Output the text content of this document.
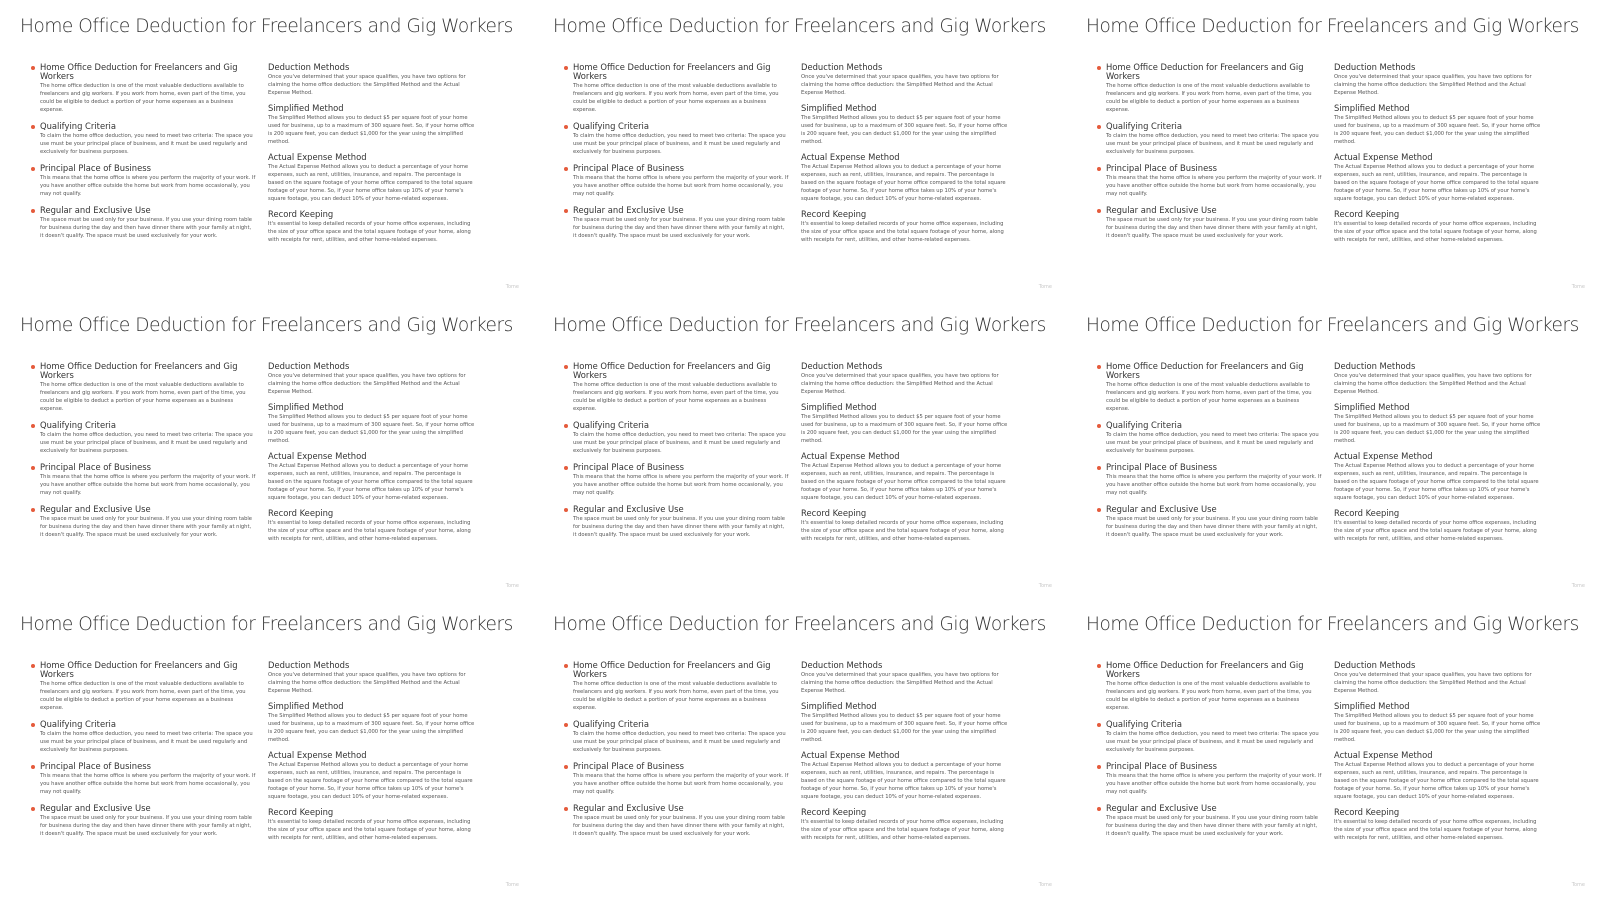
Home Office Deduction for Freelancers and Gig Workers
Home Office Deduction for Freelancers and Gig Workers
The home office deduction is one of the most valuable deductions available to freelancers and gig workers. If you work from home, even part of the time, you could be eligible to deduct a portion of your home expenses as a business expense.
Qualifying Criteria
To claim the home office deduction, you need to meet two criteria: The space you use must be your principal place of business, and it must be used regularly and exclusively for business purposes.
Principal Place of Business
This means that the home office is where you perform the majority of your work. If you have another office outside the home but work from home occasionally, you may not qualify.
Regular and Exclusive Use
The space must be used only for your business. If you use your dining room table for business during the day and then have dinner there with your family at night, it doesn't qualify. The space must be used exclusively for your work.
Deduction Methods
Once you've determined that your space qualifies, you have two options for claiming the home office deduction: the Simplified Method and the Actual Expense Method.
Simplified Method
The Simplified Method allows you to deduct $5 per square foot of your home used for business, up to a maximum of 300 square feet. So, if your home office is 200 square feet, you can deduct $1,000 for the year using the simplified method.
Actual Expense Method
The Actual Expense Method allows you to deduct a percentage of your home expenses, such as rent, utilities, insurance, and repairs. The percentage is based on the square footage of your home office compared to the total square footage of your home. So, if your home office takes up 10% of your home's square footage, you can deduct 10% of your home-related expenses.
Record Keeping
It's essential to keep detailed records of your home office expenses, including the size of your office space and the total square footage of your home, along with receipts for rent, utilities, and other home-related expenses.
Tome
Home Office Deduction for Freelancers and Gig Workers
Home Office Deduction for Freelancers and Gig Workers
The home office deduction is one of the most valuable deductions available to freelancers and gig workers. If you work from home, even part of the time, you could be eligible to deduct a portion of your home expenses as a business expense.
Qualifying Criteria
To claim the home office deduction, you need to meet two criteria: The space you use must be your principal place of business, and it must be used regularly and exclusively for business purposes.
Principal Place of Business
This means that the home office is where you perform the majority of your work. If you have another office outside the home but work from home occasionally, you may not qualify.
Regular and Exclusive Use
The space must be used only for your business. If you use your dining room table for business during the day and then have dinner there with your family at night, it doesn't qualify. The space must be used exclusively for your work.
Deduction Methods
Once you've determined that your space qualifies, you have two options for claiming the home office deduction: the Simplified Method and the Actual Expense Method.
Simplified Method
The Simplified Method allows you to deduct $5 per square foot of your home used for business, up to a maximum of 300 square feet. So, if your home office is 200 square feet, you can deduct $1,000 for the year using the simplified method.
Actual Expense Method
The Actual Expense Method allows you to deduct a percentage of your home expenses, such as rent, utilities, insurance, and repairs. The percentage is based on the square footage of your home office compared to the total square footage of your home. So, if your home office takes up 10% of your home's square footage, you can deduct 10% of your home-related expenses.
Record Keeping
It's essential to keep detailed records of your home office expenses, including the size of your office space and the total square footage of your home, along with receipts for rent, utilities, and other home-related expenses.
Tome
Home Office Deduction for Freelancers and Gig Workers
Home Office Deduction for Freelancers and Gig Workers
The home office deduction is one of the most valuable deductions available to freelancers and gig workers. If you work from home, even part of the time, you could be eligible to deduct a portion of your home expenses as a business expense.
Qualifying Criteria
To claim the home office deduction, you need to meet two criteria: The space you use must be your principal place of business, and it must be used regularly and exclusively for business purposes.
Principal Place of Business
This means that the home office is where you perform the majority of your work. If you have another office outside the home but work from home occasionally, you may not qualify.
Regular and Exclusive Use
The space must be used only for your business. If you use your dining room table for business during the day and then have dinner there with your family at night, it doesn't qualify. The space must be used exclusively for your work.
Deduction Methods
Once you've determined that your space qualifies, you have two options for claiming the home office deduction: the Simplified Method and the Actual Expense Method.
Simplified Method
The Simplified Method allows you to deduct $5 per square foot of your home used for business, up to a maximum of 300 square feet. So, if your home office is 200 square feet, you can deduct $1,000 for the year using the simplified method.
Actual Expense Method
The Actual Expense Method allows you to deduct a percentage of your home expenses, such as rent, utilities, insurance, and repairs. The percentage is based on the square footage of your home office compared to the total square footage of your home. So, if your home office takes up 10% of your home's square footage, you can deduct 10% of your home-related expenses.
Record Keeping
It's essential to keep detailed records of your home office expenses, including the size of your office space and the total square footage of your home, along with receipts for rent, utilities, and other home-related expenses.
Tome
Home Office Deduction for Freelancers and Gig Workers
Home Office Deduction for Freelancers and Gig Workers
The home office deduction is one of the most valuable deductions available to freelancers and gig workers. If you work from home, even part of the time, you could be eligible to deduct a portion of your home expenses as a business expense.
Qualifying Criteria
To claim the home office deduction, you need to meet two criteria: The space you use must be your principal place of business, and it must be used regularly and exclusively for business purposes.
Principal Place of Business
This means that the home office is where you perform the majority of your work. If you have another office outside the home but work from home occasionally, you may not qualify.
Regular and Exclusive Use
The space must be used only for your business. If you use your dining room table for business during the day and then have dinner there with your family at night, it doesn't qualify. The space must be used exclusively for your work.
Deduction Methods
Once you've determined that your space qualifies, you have two options for claiming the home office deduction: the Simplified Method and the Actual Expense Method.
Simplified Method
The Simplified Method allows you to deduct $5 per square foot of your home used for business, up to a maximum of 300 square feet. So, if your home office is 200 square feet, you can deduct $1,000 for the year using the simplified method.
Actual Expense Method
The Actual Expense Method allows you to deduct a percentage of your home expenses, such as rent, utilities, insurance, and repairs. The percentage is based on the square footage of your home office compared to the total square footage of your home. So, if your home office takes up 10% of your home's square footage, you can deduct 10% of your home-related expenses.
Record Keeping
It's essential to keep detailed records of your home office expenses, including the size of your office space and the total square footage of your home, along with receipts for rent, utilities, and other home-related expenses.
Tome
Home Office Deduction for Freelancers and Gig Workers
Home Office Deduction for Freelancers and Gig Workers
The home office deduction is one of the most valuable deductions available to freelancers and gig workers. If you work from home, even part of the time, you could be eligible to deduct a portion of your home expenses as a business expense.
Qualifying Criteria
To claim the home office deduction, you need to meet two criteria: The space you use must be your principal place of business, and it must be used regularly and exclusively for business purposes.
Principal Place of Business
This means that the home office is where you perform the majority of your work. If you have another office outside the home but work from home occasionally, you may not qualify.
Regular and Exclusive Use
The space must be used only for your business. If you use your dining room table for business during the day and then have dinner there with your family at night, it doesn't qualify. The space must be used exclusively for your work.
Deduction Methods
Once you've determined that your space qualifies, you have two options for claiming the home office deduction: the Simplified Method and the Actual Expense Method.
Simplified Method
The Simplified Method allows you to deduct $5 per square foot of your home used for business, up to a maximum of 300 square feet. So, if your home office is 200 square feet, you can deduct $1,000 for the year using the simplified method.
Actual Expense Method
The Actual Expense Method allows you to deduct a percentage of your home expenses, such as rent, utilities, insurance, and repairs. The percentage is based on the square footage of your home office compared to the total square footage of your home. So, if your home office takes up 10% of your home's square footage, you can deduct 10% of your home-related expenses.
Record Keeping
It's essential to keep detailed records of your home office expenses, including the size of your office space and the total square footage of your home, along with receipts for rent, utilities, and other home-related expenses.
Tome
Home Office Deduction for Freelancers and Gig Workers
Home Office Deduction for Freelancers and Gig Workers
The home office deduction is one of the most valuable deductions available to freelancers and gig workers. If you work from home, even part of the time, you could be eligible to deduct a portion of your home expenses as a business expense.
Qualifying Criteria
To claim the home office deduction, you need to meet two criteria: The space you use must be your principal place of business, and it must be used regularly and exclusively for business purposes.
Principal Place of Business
This means that the home office is where you perform the majority of your work. If you have another office outside the home but work from home occasionally, you may not qualify.
Regular and Exclusive Use
The space must be used only for your business. If you use your dining room table for business during the day and then have dinner there with your family at night, it doesn't qualify. The space must be used exclusively for your work.
Deduction Methods
Once you've determined that your space qualifies, you have two options for claiming the home office deduction: the Simplified Method and the Actual Expense Method.
Simplified Method
The Simplified Method allows you to deduct $5 per square foot of your home used for business, up to a maximum of 300 square feet. So, if your home office is 200 square feet, you can deduct $1,000 for the year using the simplified method.
Actual Expense Method
The Actual Expense Method allows you to deduct a percentage of your home expenses, such as rent, utilities, insurance, and repairs. The percentage is based on the square footage of your home office compared to the total square footage of your home. So, if your home office takes up 10% of your home's square footage, you can deduct 10% of your home-related expenses.
Record Keeping
It's essential to keep detailed records of your home office expenses, including the size of your office space and the total square footage of your home, along with receipts for rent, utilities, and other home-related expenses.
Tome
Home Office Deduction for Freelancers and Gig Workers
Home Office Deduction for Freelancers and Gig Workers
The home office deduction is one of the most valuable deductions available to freelancers and gig workers. If you work from home, even part of the time, you could be eligible to deduct a portion of your home expenses as a business expense.
Qualifying Criteria
To claim the home office deduction, you need to meet two criteria: The space you use must be your principal place of business, and it must be used regularly and exclusively for business purposes.
Principal Place of Business
This means that the home office is where you perform the majority of your work. If you have another office outside the home but work from home occasionally, you may not qualify.
Regular and Exclusive Use
The space must be used only for your business. If you use your dining room table for business during the day and then have dinner there with your family at night, it doesn't qualify. The space must be used exclusively for your work.
Deduction Methods
Once you've determined that your space qualifies, you have two options for claiming the home office deduction: the Simplified Method and the Actual Expense Method.
Simplified Method
The Simplified Method allows you to deduct $5 per square foot of your home used for business, up to a maximum of 300 square feet. So, if your home office is 200 square feet, you can deduct $1,000 for the year using the simplified method.
Actual Expense Method
The Actual Expense Method allows you to deduct a percentage of your home expenses, such as rent, utilities, insurance, and repairs. The percentage is based on the square footage of your home office compared to the total square footage of your home. So, if your home office takes up 10% of your home's square footage, you can deduct 10% of your home-related expenses.
Record Keeping
It's essential to keep detailed records of your home office expenses, including the size of your office space and the total square footage of your home, along with receipts for rent, utilities, and other home-related expenses.
Tome
Home Office Deduction for Freelancers and Gig Workers
Home Office Deduction for Freelancers and Gig Workers
The home office deduction is one of the most valuable deductions available to freelancers and gig workers. If you work from home, even part of the time, you could be eligible to deduct a portion of your home expenses as a business expense.
Qualifying Criteria
To claim the home office deduction, you need to meet two criteria: The space you use must be your principal place of business, and it must be used regularly and exclusively for business purposes.
Principal Place of Business
This means that the home office is where you perform the majority of your work. If you have another office outside the home but work from home occasionally, you may not qualify.
Regular and Exclusive Use
The space must be used only for your business. If you use your dining room table for business during the day and then have dinner there with your family at night, it doesn't qualify. The space must be used exclusively for your work.
Deduction Methods
Once you've determined that your space qualifies, you have two options for claiming the home office deduction: the Simplified Method and the Actual Expense Method.
Simplified Method
The Simplified Method allows you to deduct $5 per square foot of your home used for business, up to a maximum of 300 square feet. So, if your home office is 200 square feet, you can deduct $1,000 for the year using the simplified method.
Actual Expense Method
The Actual Expense Method allows you to deduct a percentage of your home expenses, such as rent, utilities, insurance, and repairs. The percentage is based on the square footage of your home office compared to the total square footage of your home. So, if your home office takes up 10% of your home's square footage, you can deduct 10% of your home-related expenses.
Record Keeping
It's essential to keep detailed records of your home office expenses, including the size of your office space and the total square footage of your home, along with receipts for rent, utilities, and other home-related expenses.
Tome
Home Office Deduction for Freelancers and Gig Workers
Home Office Deduction for Freelancers and Gig Workers
The home office deduction is one of the most valuable deductions available to freelancers and gig workers. If you work from home, even part of the time, you could be eligible to deduct a portion of your home expenses as a business expense.
Qualifying Criteria
To claim the home office deduction, you need to meet two criteria: The space you use must be your principal place of business, and it must be used regularly and exclusively for business purposes.
Principal Place of Business
This means that the home office is where you perform the majority of your work. If you have another office outside the home but work from home occasionally, you may not qualify.
Regular and Exclusive Use
The space must be used only for your business. If you use your dining room table for business during the day and then have dinner there with your family at night, it doesn't qualify. The space must be used exclusively for your work.
Deduction Methods
Once you've determined that your space qualifies, you have two options for claiming the home office deduction: the Simplified Method and the Actual Expense Method.
Simplified Method
The Simplified Method allows you to deduct $5 per square foot of your home used for business, up to a maximum of 300 square feet. So, if your home office is 200 square feet, you can deduct $1,000 for the year using the simplified method.
Actual Expense Method
The Actual Expense Method allows you to deduct a percentage of your home expenses, such as rent, utilities, insurance, and repairs. The percentage is based on the square footage of your home office compared to the total square footage of your home. So, if your home office takes up 10% of your home's square footage, you can deduct 10% of your home-related expenses.
Record Keeping
It's essential to keep detailed records of your home office expenses, including the size of your office space and the total square footage of your home, along with receipts for rent, utilities, and other home-related expenses.
Tome
